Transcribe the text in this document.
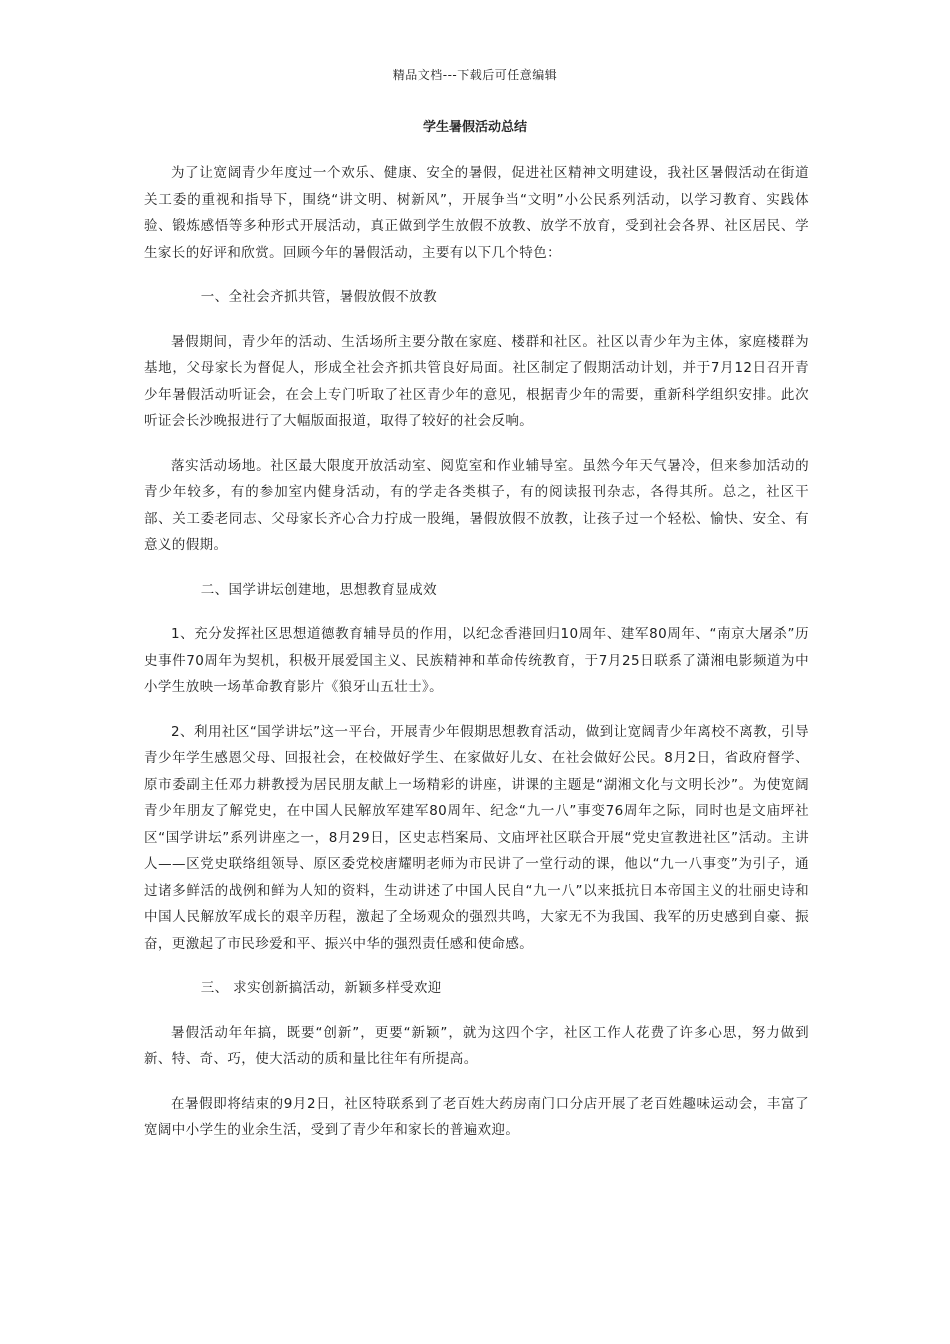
精品文档---下载后可任意编辑
学生暑假活动总结

为了让宽阔青少年度过一个欢乐、健康、安全的暑假，促进社区精神文明建设，我社区暑假活动在街道关工委的重视和指导下，围绕“讲文明、树新风”，开展争当“文明”小公民系列活动，以学习教育、实践体验、锻炼感悟等多种形式开展活动，真正做到学生放假不放教、放学不放育，受到社会各界、社区居民、学生家长的好评和欣赏。回顾今年的暑假活动，主要有以下几个特色：

一、全社会齐抓共管，暑假放假不放教

暑假期间，青少年的活动、生活场所主要分散在家庭、楼群和社区。社区以青少年为主体，家庭楼群为基地，父母家长为督促人，形成全社会齐抓共管良好局面。社区制定了假期活动计划，并于7月12日召开青少年暑假活动听证会，在会上专门听取了社区青少年的意见，根据青少年的需要，重新科学组织安排。此次听证会长沙晚报进行了大幅版面报道，取得了较好的社会反响。

落实活动场地。社区最大限度开放活动室、阅览室和作业辅导室。虽然今年天气暑冷，但来参加活动的青少年较多，有的参加室内健身活动，有的学走各类棋子，有的阅读报刊杂志，各得其所。总之，社区干部、关工委老同志、父母家长齐心合力拧成一股绳，暑假放假不放教，让孩子过一个轻松、愉快、安全、有意义的假期。

二、国学讲坛创建地，思想教育显成效

1、充分发挥社区思想道德教育辅导员的作用，以纪念香港回归10周年、建军80周年、“南京大屠杀”历史事件70周年为契机，积极开展爱国主义、民族精神和革命传统教育，于7月25日联系了潇湘电影频道为中小学生放映一场革命教育影片《狼牙山五壮士》。

2、利用社区“国学讲坛”这一平台，开展青少年假期思想教育活动，做到让宽阔青少年离校不离教，引导青少年学生感恩父母、回报社会，在校做好学生、在家做好儿女、在社会做好公民。8月2日，省政府督学、原市委副主任邓力耕教授为居民朋友献上一场精彩的讲座，讲课的主题是“湖湘文化与文明长沙”。为使宽阔青少年朋友了解党史，在中国人民解放军建军80周年、纪念“九一八”事变76周年之际，同时也是文庙坪社区“国学讲坛”系列讲座之一，8月29日，区史志档案局、文庙坪社区联合开展“党史宣教进社区”活动。主讲人——区党史联络组领导、原区委党校唐耀明老师为市民讲了一堂行动的课，他以“九一八事变”为引子，通过诸多鲜活的战例和鲜为人知的资料，生动讲述了中国人民自“九一八”以来抵抗日本帝国主义的壮丽史诗和中国人民解放军成长的艰辛历程，激起了全场观众的强烈共鸣，大家无不为我国、我军的历史感到自豪、振奋，更激起了市民珍爱和平、振兴中华的强烈责任感和使命感。

三、 求实创新搞活动，新颖多样受欢迎

暑假活动年年搞，既要“创新”，更要“新颖”，就为这四个字，社区工作人花费了许多心思，努力做到新、特、奇、巧，使大活动的质和量比往年有所提高。

在暑假即将结束的9月2日，社区特联系到了老百姓大药房南门口分店开展了老百姓趣味运动会，丰富了宽阔中小学生的业余生活，受到了青少年和家长的普遍欢迎。
